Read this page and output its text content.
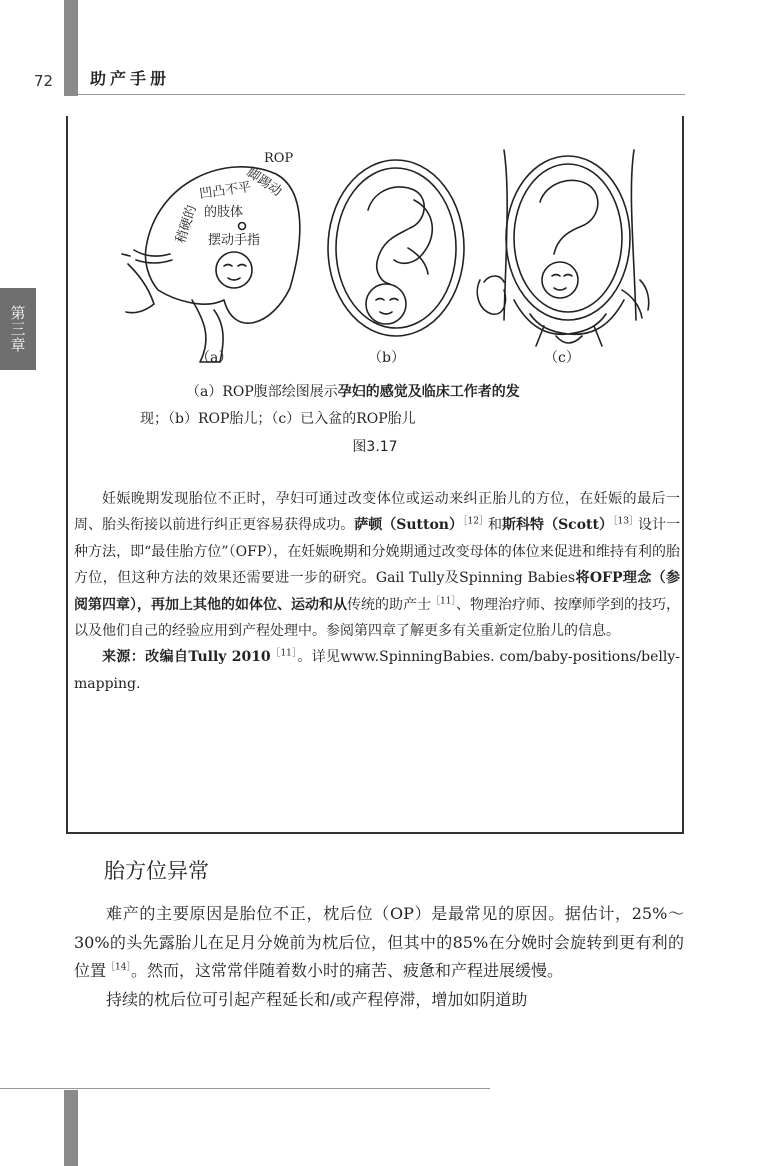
72 助产手册
第三章
ROP
脚踢动
凹凸不平
的肢体
稍硬的 摆动手指
（a）	（b）	（c）
（a）ROP腹部绘图展示孕妇的感觉及临床工作者的发
现；（b）ROP胎儿；（c）已入盆的ROP胎儿
图3.17

妊娠晚期发现胎位不正时，孕妇可通过改变体位或运动来纠正胎儿的方位，在妊娠的最后一周、胎头衔接以前进行纠正更容易获得成功。萨顿（Sutton）$^{[12]}$和斯科特$(Scott)^{[13]}$设计一种方法，即“最佳胎方位”（OFP），在妊娠晚期和分娩期通过改变母体的体位来促进和维持有利的胎方位，但这种方法的效果还需要进一步的研究。Gail Tully及Spinning Babies将OFP理念（参阅第四章），再加上其他的如体位、运动和从传统的助产士$^{[11]}$、物理治疗师、按摩师学到的技巧，以及他们自己的经验应用到产程处理中。参阅第四章了解更多有关重新定位胎儿的信息。

来源：改编自Tully $2010^{[11]}$。详见www.SpinningBabies. com/baby-positions/belly-mapping.

胎方位异常

难产的主要原因是胎位不正，枕后位（OP）是最常见的原因。据估计，25%～30%的头先露胎儿在足月分娩前为枕后位，但其中的85%在分娩时会旋转到更有利的位置$^{[14]}$。然而，这常常伴随着数小时的痛苦、疲惫和产程进展缓慢。

持续的枕后位可引起产程延长和/或产程停滞，增加如阴道助
